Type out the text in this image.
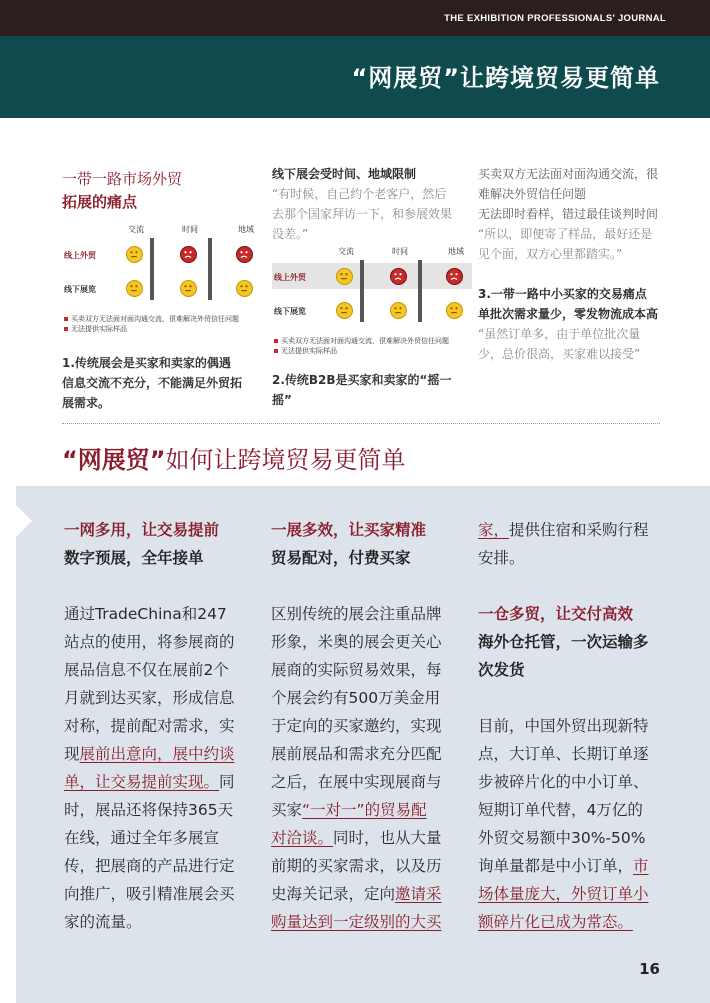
THE EXHIBITION PROFESSIONALS' JOURNAL
“网展贸”让跨境贸易更简单
一带一路市场外贸
拓展的痛点
交流	时间	地域
线上外贸
线下展览
买卖双方无法面对面沟通交流，很难解决外贸信任问题
无法提供实际样品
1.传统展会是买家和卖家的偶遇
信息交流不充分，不能满足外贸拓
展需求。
线下展会受时间、地域限制
“有时候，自己约个老客户，然后
去那个国家拜访一下，和参展效果
没差。”
交流	时间	地域
线上外贸
线下展览
买卖双方无法面对面沟通交流，很难解决外贸信任问题
无法提供实际样品
2.传统B2B是买家和卖家的“摇一
摇”
买卖双方无法面对面沟通交流，很
难解决外贸信任问题
无法即时看样，错过最佳谈判时间
“所以，即便寄了样品，最好还是
见个面，双方心里都踏实。”
3.一带一路中小买家的交易痛点
单批次需求量少，零发物流成本高
“虽然订单多，由于单位批次量
少，总价很高，买家难以接受”
“网展贸”如何让跨境贸易更简单
一网多用，让交易提前
数字预展，全年接单
通过TradeChina和247
站点的使用，将参展商的
展品信息不仅在展前2个
月就到达买家，形成信息
对称，提前配对需求，实
现展前出意向，展中约谈
单，让交易提前实现。同
时，展品还将保持365天
在线，通过全年多展宣
传，把展商的产品进行定
向推广，吸引精准展会买
家的流量。
一展多效，让买家精准
贸易配对，付费买家
区别传统的展会注重品牌
形象，米奥的展会更关心
展商的实际贸易效果，每
个展会约有500万美金用
于定向的买家邀约，实现
展前展品和需求充分匹配
之后，在展中实现展商与
买家“一对一”的贸易配
对洽谈。同时，也从大量
前期的买家需求，以及历
史海关记录，定向邀请采
购量达到一定级别的大买
家，提供住宿和采购行程
安排。
一仓多贸，让交付高效
海外仓托管，一次运输多
次发货
目前，中国外贸出现新特
点，大订单、长期订单逐
步被碎片化的中小订单、
短期订单代替，4万亿的
外贸交易额中30%-50%
询单量都是中小订单，市
场体量庞大，外贸订单小
额碎片化已成为常态。
16
